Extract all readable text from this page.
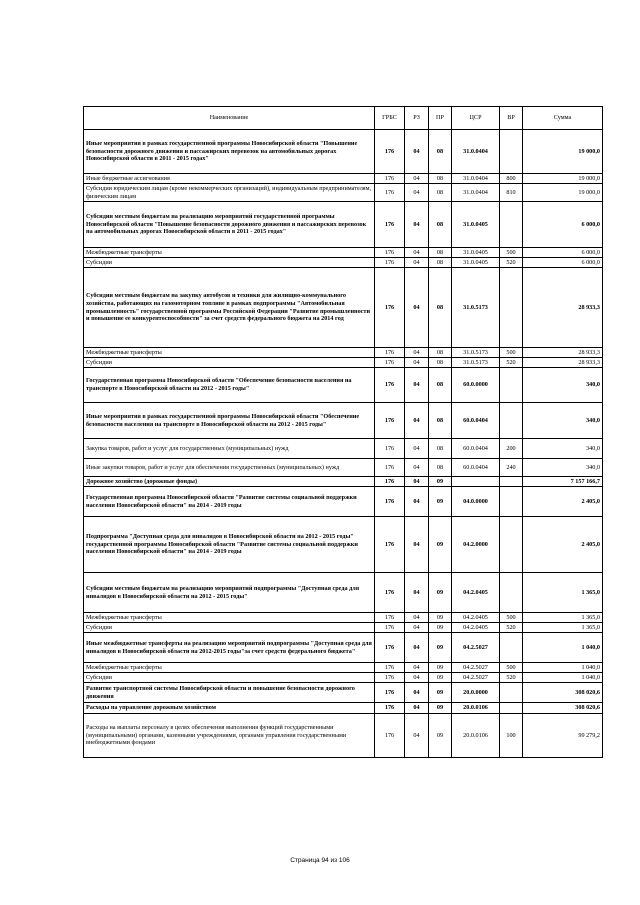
Наименование	ГРБС	РЗ	ПР	ЦСР	ВР	Сумма
Иные мероприятия в рамках государственной программы Новосибирской области "Повышение безопасности дорожного движения и пассажирских перевозок на автомобильных дорогах Новосибирской области в 2011 - 2015 годах"	176	04	08	31.0.0404		19 000,0
Иные бюджетные ассигнования	176	04	08	31.0.0404	800	19 000,0
Субсидии юридическим лицам (кроме некоммерческих организаций), индивидуальным предпринимателям, физическим лицам	176	04	08	31.0.0404	810	19 000,0
Субсидии местным бюджетам на реализацию мероприятий государственной программы Новосибирской области "Повышение безопасности дорожного движения и пассажирских перевозок на автомобильных дорогах Новосибирской области в 2011 - 2015 годах"	176	04	08	31.0.0405		6 000,0
Межбюджетные трансферты	176	04	08	31.0.0405	500	6 000,0
Субсидии	176	04	08	31.0.0405	520	6 000,0
Субсидии местным бюджетам на закупку автобусов и техники для жилищно-коммунального хозяйства, работающих на газомоторном топливе в рамках подпрограммы "Автомобильная промышленность" государственной программы Российской Федерации "Развитие промышленности и повышение ее конкурентоспособности" за счет средств федерального бюджета на 2014 год	176	04	08	31.0.5173		28 933,3
Межбюджетные трансферты	176	04	08	31.0.5173	500	28 933,3
Субсидии	176	04	08	31.0.5173	520	28 933,3
Государственная программа Новосибирской области "Обеспечение безопасности населения на транспорте в Новосибирской области на 2012 - 2015 годы"	176	04	08	60.0.0000		340,0
Иные мероприятия в рамках государственной программы Новосибирской области "Обеспечение безопасности населения на транспорте в Новосибирской области на 2012 - 2015 годы"	176	04	08	60.0.0404		340,0
Закупка товаров, работ и услуг для государственных (муниципальных) нужд	176	04	08	60.0.0404	200	340,0
Иные закупки товаров, работ и услуг для обеспечения государственных (муниципальных) нужд	176	04	08	60.0.0404	240	340,0
Дорожное хозяйство (дорожные фонды)	176	04	09			7 157 166,7
Государственная программа Новосибирской области "Развитие системы социальной поддержки населения Новосибирской области" на 2014 - 2019 годы	176	04	09	04.0.0000		2 405,0
Подпрограмма "Доступная среда для инвалидов в Новосибирской области на 2012 - 2015 годы" государственной программы Новосибирской области "Развитие системы социальной поддержки населения Новосибирской области" на 2014 - 2019 годы	176	04	09	04.2.0000		2 405,0
Субсидии местным бюджетам на реализацию мероприятий подпрограммы "Доступная среда для инвалидов в Новосибирской области на 2012 - 2015 годы"	176	04	09	04.2.0405		1 365,0
Межбюджетные трансферты	176	04	09	04.2.0405	500	1 365,0
Субсидии	176	04	09	04.2.0405	520	1 365,0
Иные межбюджетные трансферты на реализацию мероприятий подпрограммы "Доступная среда для инвалидов в Новосибирской области на 2012-2015 годы"за счет средств федерального бюджета"	176	04	09	04.2.5027		1 040,0
Межбюджетные трансферты	176	04	09	04.2.5027	500	1 040,0
Субсидии	176	04	09	04.2.5027	520	1 040,0
Развитие транспортной системы Новосибирской области и повышение безопасности дорожного движения	176	04	09	20.0.0000		308 020,6
Расходы на управление дорожным хозяйством	176	04	09	20.0.0106		308 020,6
Расходы на выплаты персоналу в целях обеспечения выполнения функций государственными (муниципальными) органами, казенными учреждениями, органами управления государственными внебюджетными фондами	176	04	09	20.0.0106	100	99 279,2
Страница 94 из 106
